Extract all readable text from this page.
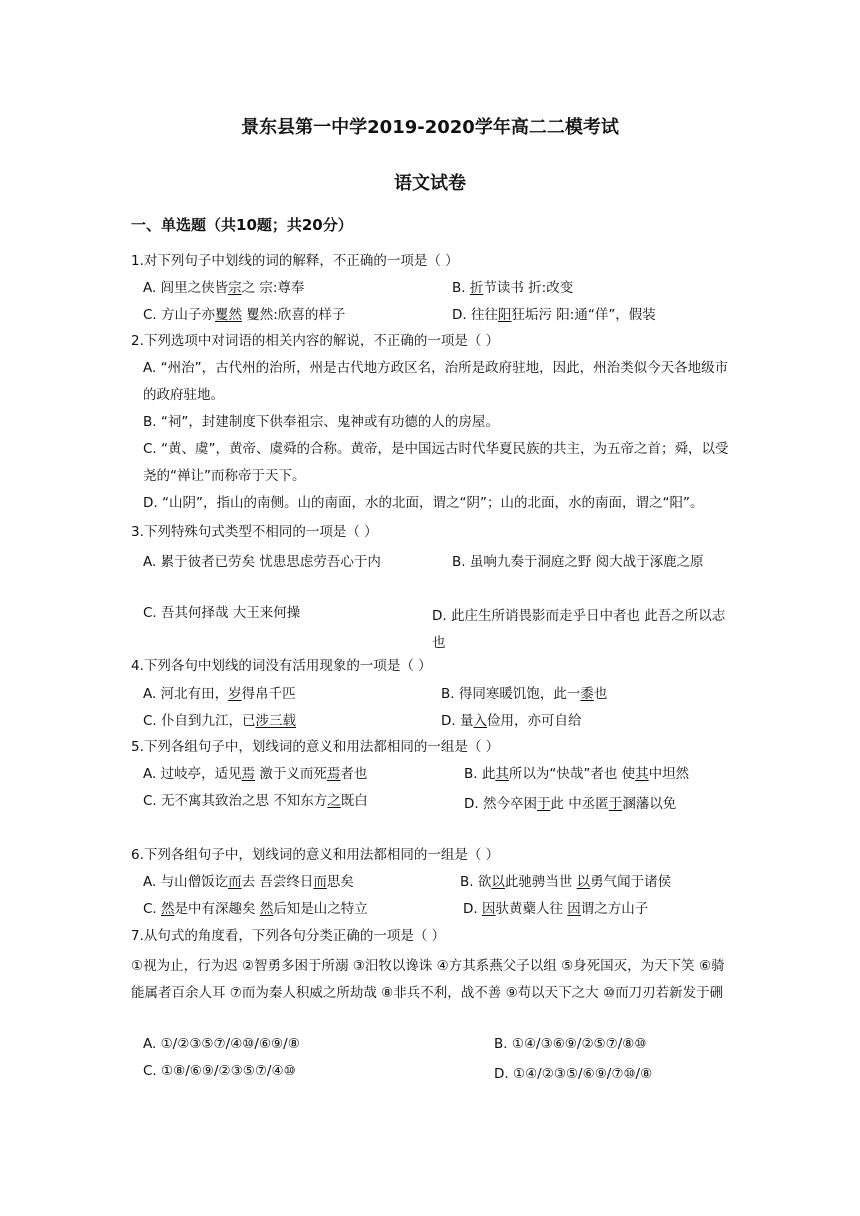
景东县第一中学2019-2020学年高二二模考试
语文试卷
一、单选题（共10题；共20分）
1.对下列句子中划线的词的解释，不正确的一项是（ ）
A. 闾里之侠皆宗之 宗:尊奉	B. 折节读书 折:改变
C. 方山子亦矍然 矍然:欣喜的样子	D. 往往阳狂垢污 阳:通“佯”，假装
2.下列选项中对词语的相关内容的解说，不正确的一项是（ ）
A. “州治”，古代州的治所，州是古代地方政区名，治所是政府驻地，因此，州治类似今天各地级市的政府驻地。
B. “祠”，封建制度下供奉祖宗、鬼神或有功德的人的房屋。
C. “黄、虞”，黄帝、虞舜的合称。黄帝，是中国远古时代华夏民族的共主，为五帝之首；舜，以受尧的“禅让”而称帝于天下。
D. “山阴”，指山的南侧。山的南面，水的北面，谓之“阴”；山的北面，水的南面，谓之“阳”。
3.下列特殊句式类型不相同的一项是（ ）
A. 累于彼者已劳矣 忧患思虑劳吾心于内	B. 虽响九奏于洞庭之野 阅大战于涿鹿之原
C. 吾其何择哉 大王来何操	D. 此庄生所诮畏影而走乎日中者也 此吾之所以志也
4.下列各句中划线的词没有活用现象的一项是（ ）
A. 河北有田，岁得帛千匹	B. 得同寒暖饥饱，此一黍也
C. 仆自到九江，已涉三载	D. 量入俭用，亦可自给
5.下列各组句子中，划线词的意义和用法都相同的一组是（ ）
A. 过岐亭，适见焉 激于义而死焉者也	B. 此其所以为“快哉”者也 使其中坦然
C. 无不寓其致治之思 不知东方之既白	D. 然今卒困于此 中丞匿于溷藩以免
6.下列各组句子中，划线词的意义和用法都相同的一组是（ ）
A. 与山僧饭讫而去 吾尝终日而思矣	B. 欲以此驰骋当世 以勇气闻于诸侯
C. 然是中有深趣矣 然后知是山之特立	D. 因驮黄蘗人往 因谓之方山子
7.从句式的角度看，下列各句分类正确的一项是（ ）
①视为止，行为迟 ②智勇多困于所溺 ③汨牧以谗诛 ④方其系燕父子以组 ⑤身死国灭，为天下笑 ⑥骑能属者百余人耳 ⑦而为秦人积威之所劫哉 ⑧非兵不利，战不善 ⑨苟以天下之大 ⑩而刀刃若新发于硎
A. ①/②③⑤⑦/④⑩/⑥⑨/⑧	B. ①④/③⑥⑨/②⑤⑦/⑧⑩
C. ①⑧/⑥⑨/②③⑤⑦/④⑩	D. ①④/②③⑤/⑥⑨/⑦⑩/⑧
